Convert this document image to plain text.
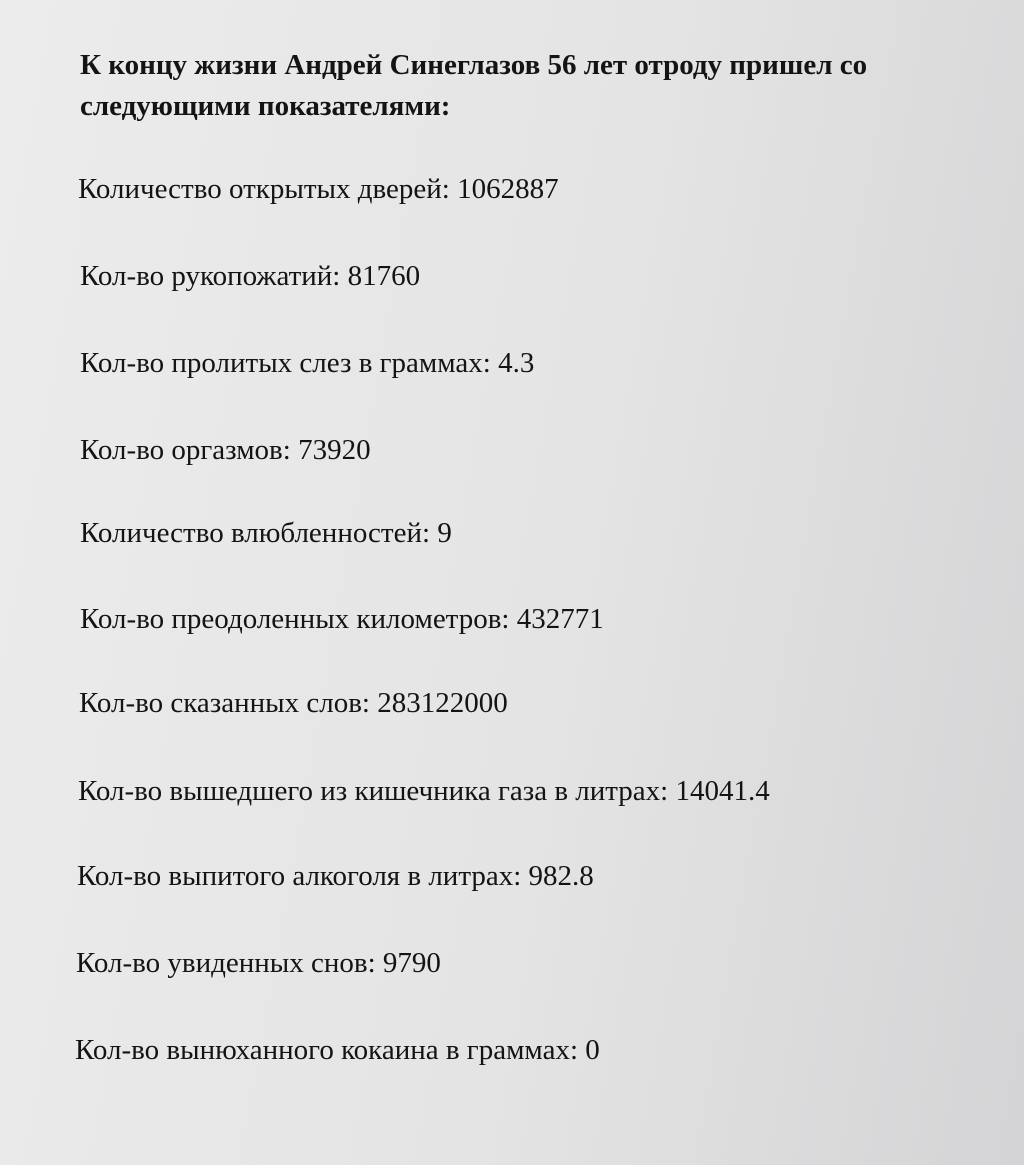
К концу жизни Андрей Синеглазов 56 лет отроду пришел со следующими показателями:
Количество открытых дверей: 1062887
Кол-во рукопожатий: 81760
Кол-во пролитых слез в граммах: 4.3
Кол-во оргазмов: 73920
Количество влюбленностей: 9
Кол-во преодоленных километров: 432771
Кол-во сказанных слов: 283122000
Кол-во вышедшего из кишечника газа в литрах: 14041.4
Кол-во выпитого алкоголя в литрах: 982.8
Кол-во увиденных снов: 9790
Кол-во вынюханного кокаина в граммах: 0
